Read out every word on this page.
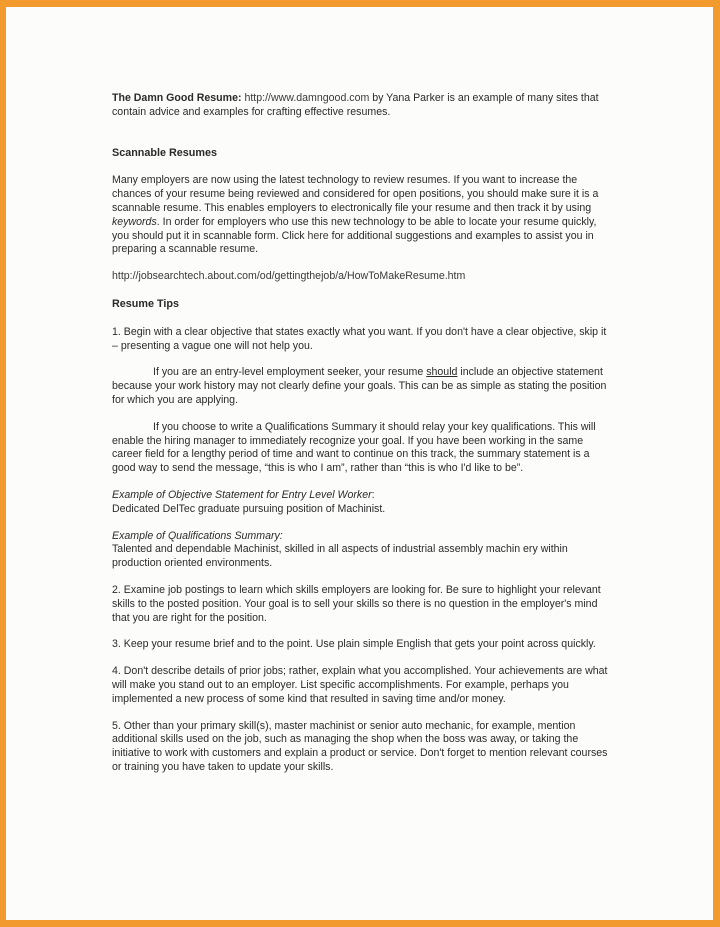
The Damn Good Resume: http://www.damngood.com by Yana Parker is an example of many sites that contain advice and examples for crafting effective resumes.

Scannable Resumes

Many employers are now using the latest technology to review resumes. If you want to increase the chances of your resume being reviewed and considered for open positions, you should make sure it is a scannable resume. This enables employers to electronically file your resume and then track it by using keywords. In order for employers who use this new technology to be able to locate your resume quickly, you should put it in scannable form. Click here for additional suggestions and examples to assist you in preparing a scannable resume.

http://jobsearchtech.about.com/od/gettingthejob/a/HowToMakeResume.htm

Resume Tips

1. Begin with a clear objective that states exactly what you want. If you don't have a clear objective, skip it – presenting a vague one will not help you.

If you are an entry-level employment seeker, your resume should include an objective statement because your work history may not clearly define your goals. This can be as simple as stating the position for which you are applying.

If you choose to write a Qualifications Summary it should relay your key qualifications. This will enable the hiring manager to immediately recognize your goal. If you have been working in the same career field for a lengthy period of time and want to continue on this track, the summary statement is a good way to send the message, “this is who I am”, rather than “this is who I'd like to be”.

Example of Objective Statement for Entry Level Worker:

Dedicated DelTec graduate pursuing position of Machinist.

Example of Qualifications Summary:

Talented and dependable Machinist, skilled in all aspects of industrial assembly machin ery within production oriented environments.

2. Examine job postings to learn which skills employers are looking for. Be sure to highlight your relevant skills to the posted position. Your goal is to sell your skills so there is no question in the employer's mind that you are right for the position.

3. Keep your resume brief and to the point. Use plain simple English that gets your point across quickly.

4. Don't describe details of prior jobs; rather, explain what you accomplished. Your achievements are what will make you stand out to an employer. List specific accomplishments. For example, perhaps you implemented a new process of some kind that resulted in saving time and/or money.

5. Other than your primary skill(s), master machinist or senior auto mechanic, for example, mention additional skills used on the job, such as managing the shop when the boss was away, or taking the initiative to work with customers and explain a product or service. Don't forget to mention relevant courses or training you have taken to update your skills.
